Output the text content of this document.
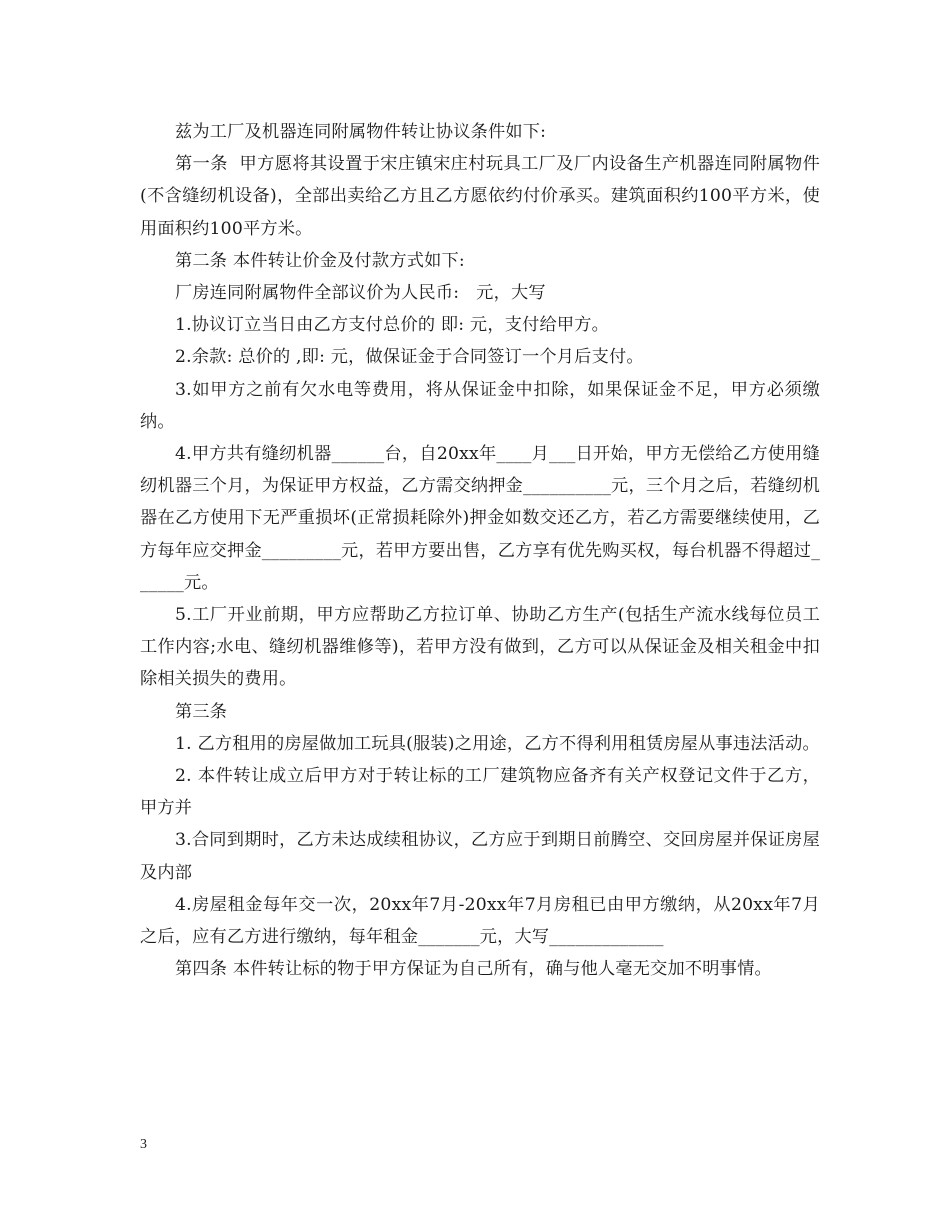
兹为工厂及机器连同附属物件转让协议条件如下:

第一条  甲方愿将其设置于宋庄镇宋庄村玩具工厂及厂内设备生产机器连同附属物件(不含缝纫机设备)，全部出卖给乙方且乙方愿依约付价承买。建筑面积约100平方米，使用面积约100平方米。

第二条 本件转让价金及付款方式如下:

厂房连同附属物件全部议价为人民币:   元，大写

1.协议订立当日由乙方支付总价的 即: 元，支付给甲方。

2.余款: 总价的 ,即: 元，做保证金于合同签订一个月后支付。

3.如甲方之前有欠水电等费用，将从保证金中扣除，如果保证金不足，甲方必须缴纳。

4.甲方共有缝纫机器______台，自20xx年____月___日开始，甲方无偿给乙方使用缝纫机器三个月，为保证甲方权益，乙方需交纳押金__________元，三个月之后，若缝纫机器在乙方使用下无严重损坏(正常损耗除外)押金如数交还乙方，若乙方需要继续使用，乙方每年应交押金_________元，若甲方要出售，乙方享有优先购买权，每台机器不得超过______元。

5.工厂开业前期，甲方应帮助乙方拉订单、协助乙方生产(包括生产流水线每位员工工作内容;水电、缝纫机器维修等)，若甲方没有做到，乙方可以从保证金及相关租金中扣除相关损失的费用。

第三条

1. 乙方租用的房屋做加工玩具(服装)之用途，乙方不得利用租赁房屋从事违法活动。

2. 本件转让成立后甲方对于转让标的工厂建筑物应备齐有关产权登记文件于乙方，甲方并

3.合同到期时，乙方未达成续租协议，乙方应于到期日前腾空、交回房屋并保证房屋及内部

4.房屋租金每年交一次，20xx年7月-20xx年7月房租已由甲方缴纳，从20xx年7月之后，应有乙方进行缴纳，每年租金_______元，大写_____________

第四条 本件转让标的物于甲方保证为自己所有，确与他人毫无交加不明事情。

3
